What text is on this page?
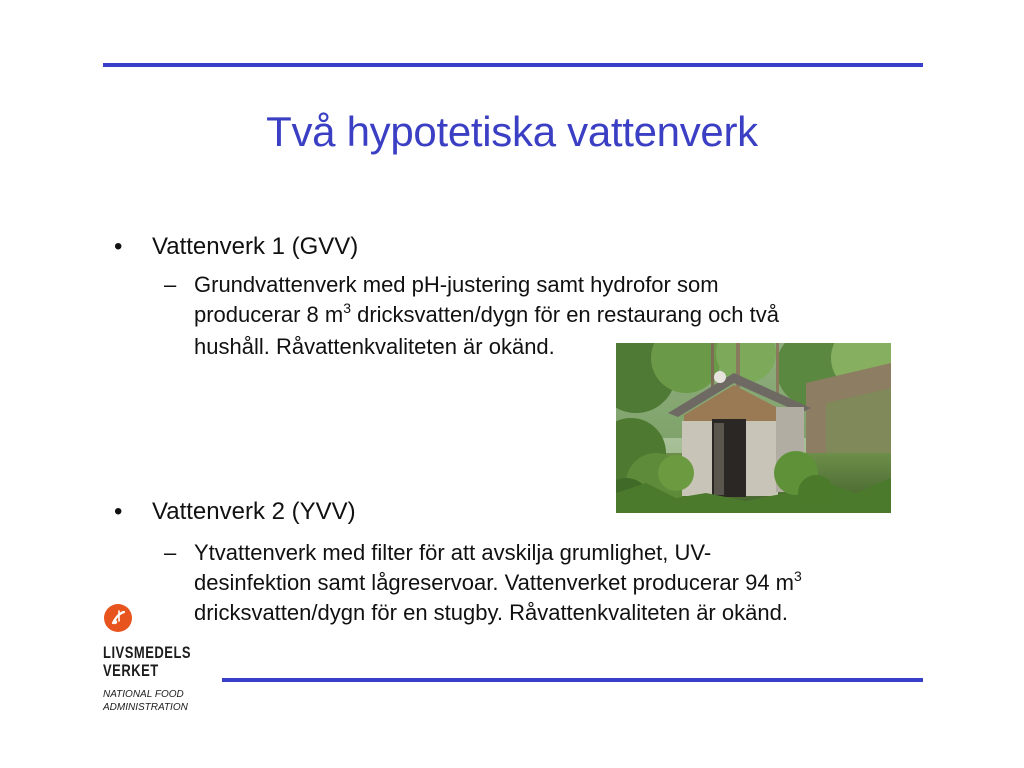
Två hypotetiska vattenverk
• Vattenverk 1 (GVV)
– Grundvattenverk med pH-justering samt hydrofor som
producerar 8 $m^3$ dricksvatten/dygn för en restaurang och två
hushåll. Råvattenkvaliteten är okänd.
• Vattenverk 2 (YVV)
– Ytvattenverk med filter för att avskilja grumlighet, UV-
desinfektion samt lågreservoar. Vattenverket producerar 94 $m^3$
dricksvatten/dygn för en stugby. Råvattenkvaliteten är okänd.
LIVSMEDELS
VERKET
NATIONAL FOOD
ADMINISTRATION
